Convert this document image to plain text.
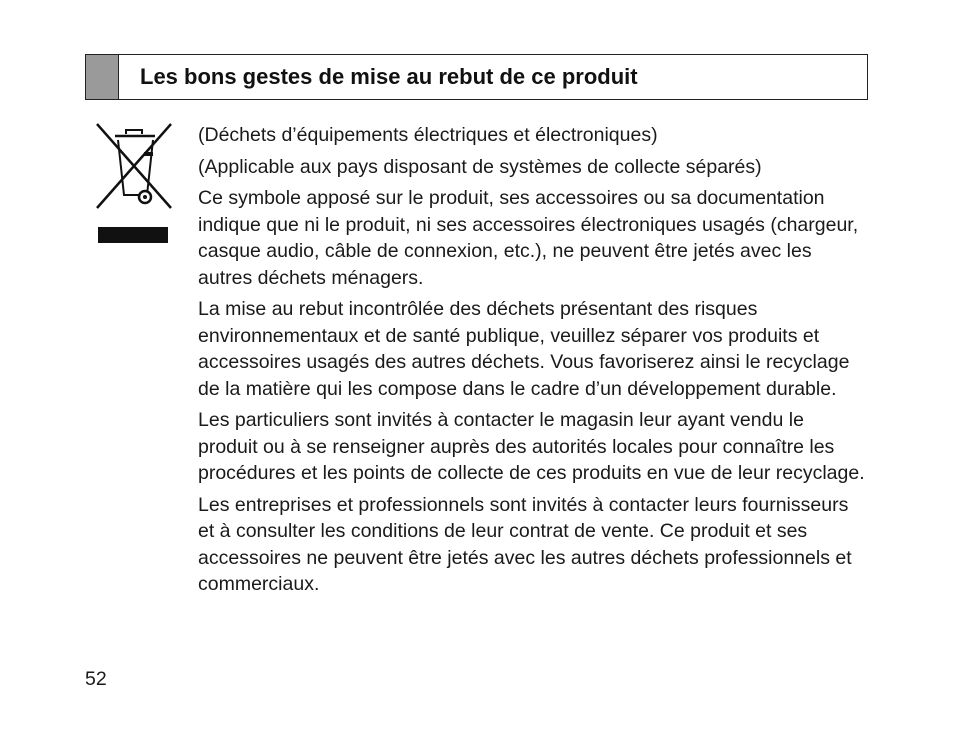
Les bons gestes de mise au rebut de ce produit

(Déchets d’équipements électriques et électroniques)

(Applicable aux pays disposant de systèmes de collecte séparés)

Ce symbole apposé sur le produit, ses accessoires ou sa documentation indique que ni le produit, ni ses accessoires électroniques usagés (chargeur, casque audio, câble de connexion, etc.), ne peuvent être jetés avec les autres déchets ménagers.

La mise au rebut incontrôlée des déchets présentant des risques environnementaux et de santé publique, veuillez séparer vos produits et accessoires usagés des autres déchets. Vous favoriserez ainsi le recyclage de la matière qui les compose dans le cadre d’un développement durable.

Les particuliers sont invités à contacter le magasin leur ayant vendu le produit ou à se renseigner auprès des autorités locales pour connaître les procédures et les points de collecte de ces produits en vue de leur recyclage.

Les entreprises et professionnels sont invités à contacter leurs fournisseurs et à consulter les conditions de leur contrat de vente. Ce produit et ses accessoires ne peuvent être jetés avec les autres déchets professionnels et commerciaux.

52
